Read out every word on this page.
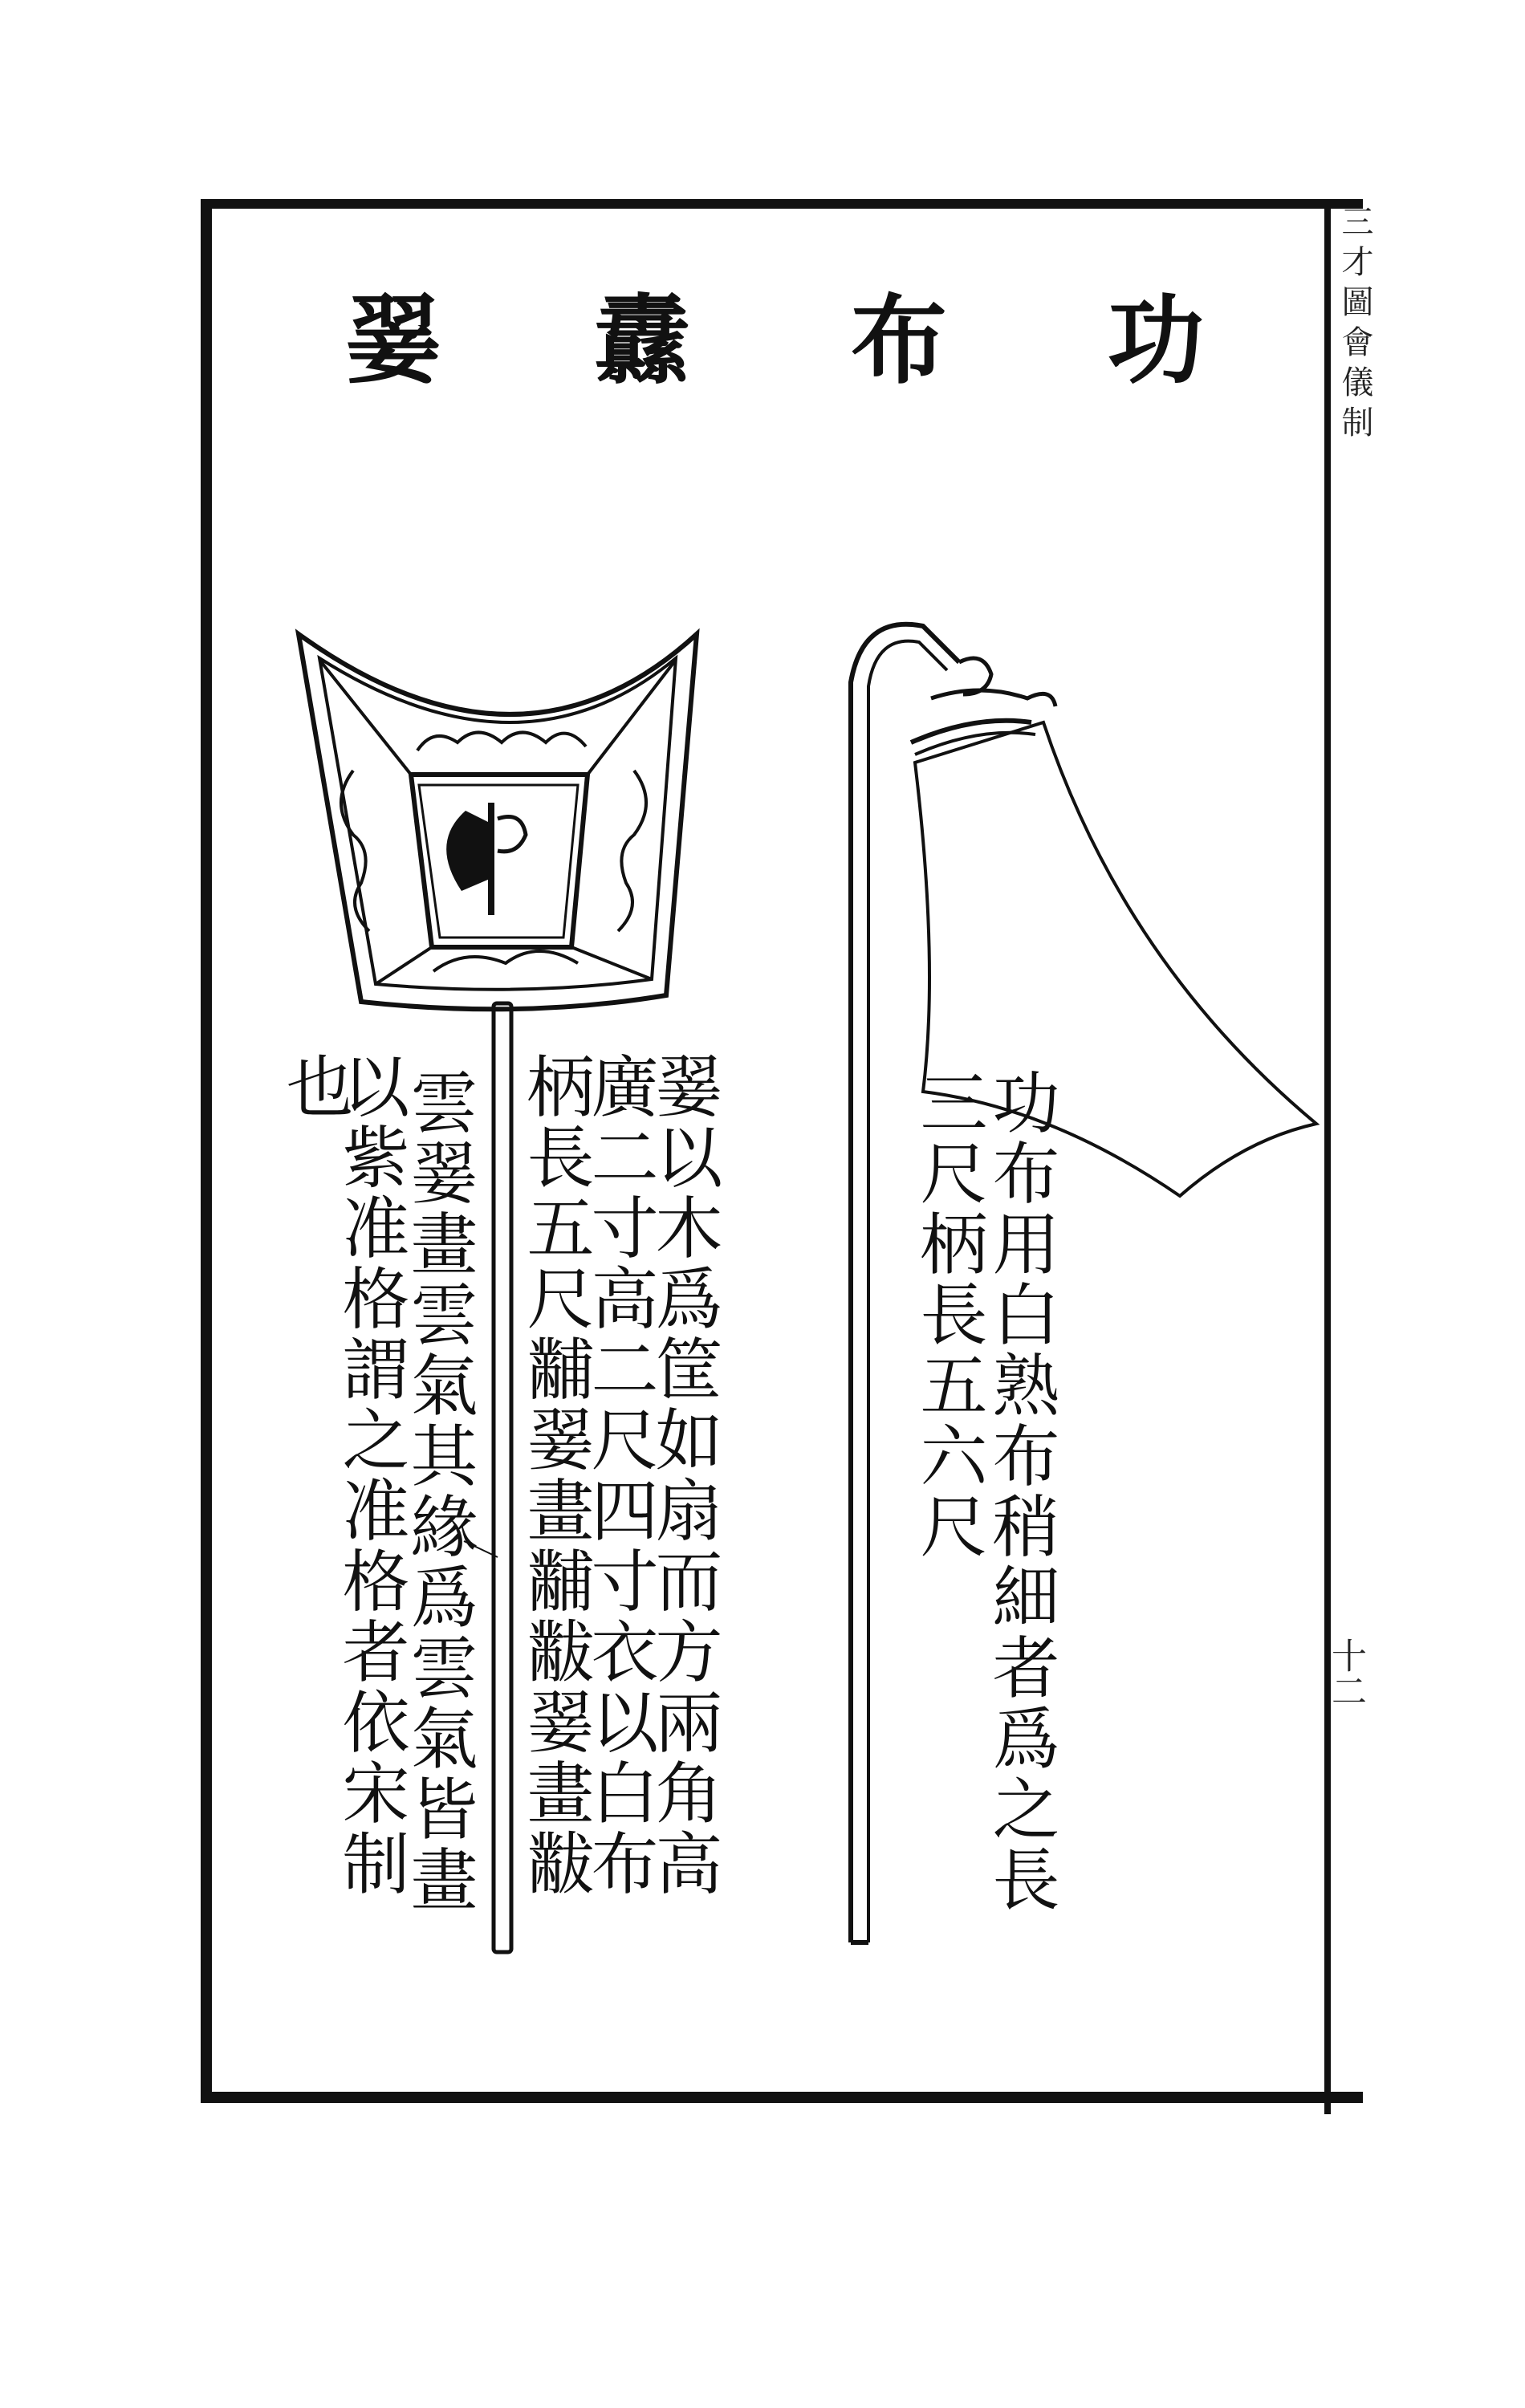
三才圖會儀制
十二
功
布
纛
翣
功布用白熟布稍細者爲之長
三尺柄長五六尺
翣以木爲筐如扇而方兩角高
廣二寸高二尺四寸衣以白布
柄長五尺黼翣畫黼黻翣畫黻
雲翣畫雲氣其緣爲雲氣皆畫
以紫准格謂之准格者依宋制
也
